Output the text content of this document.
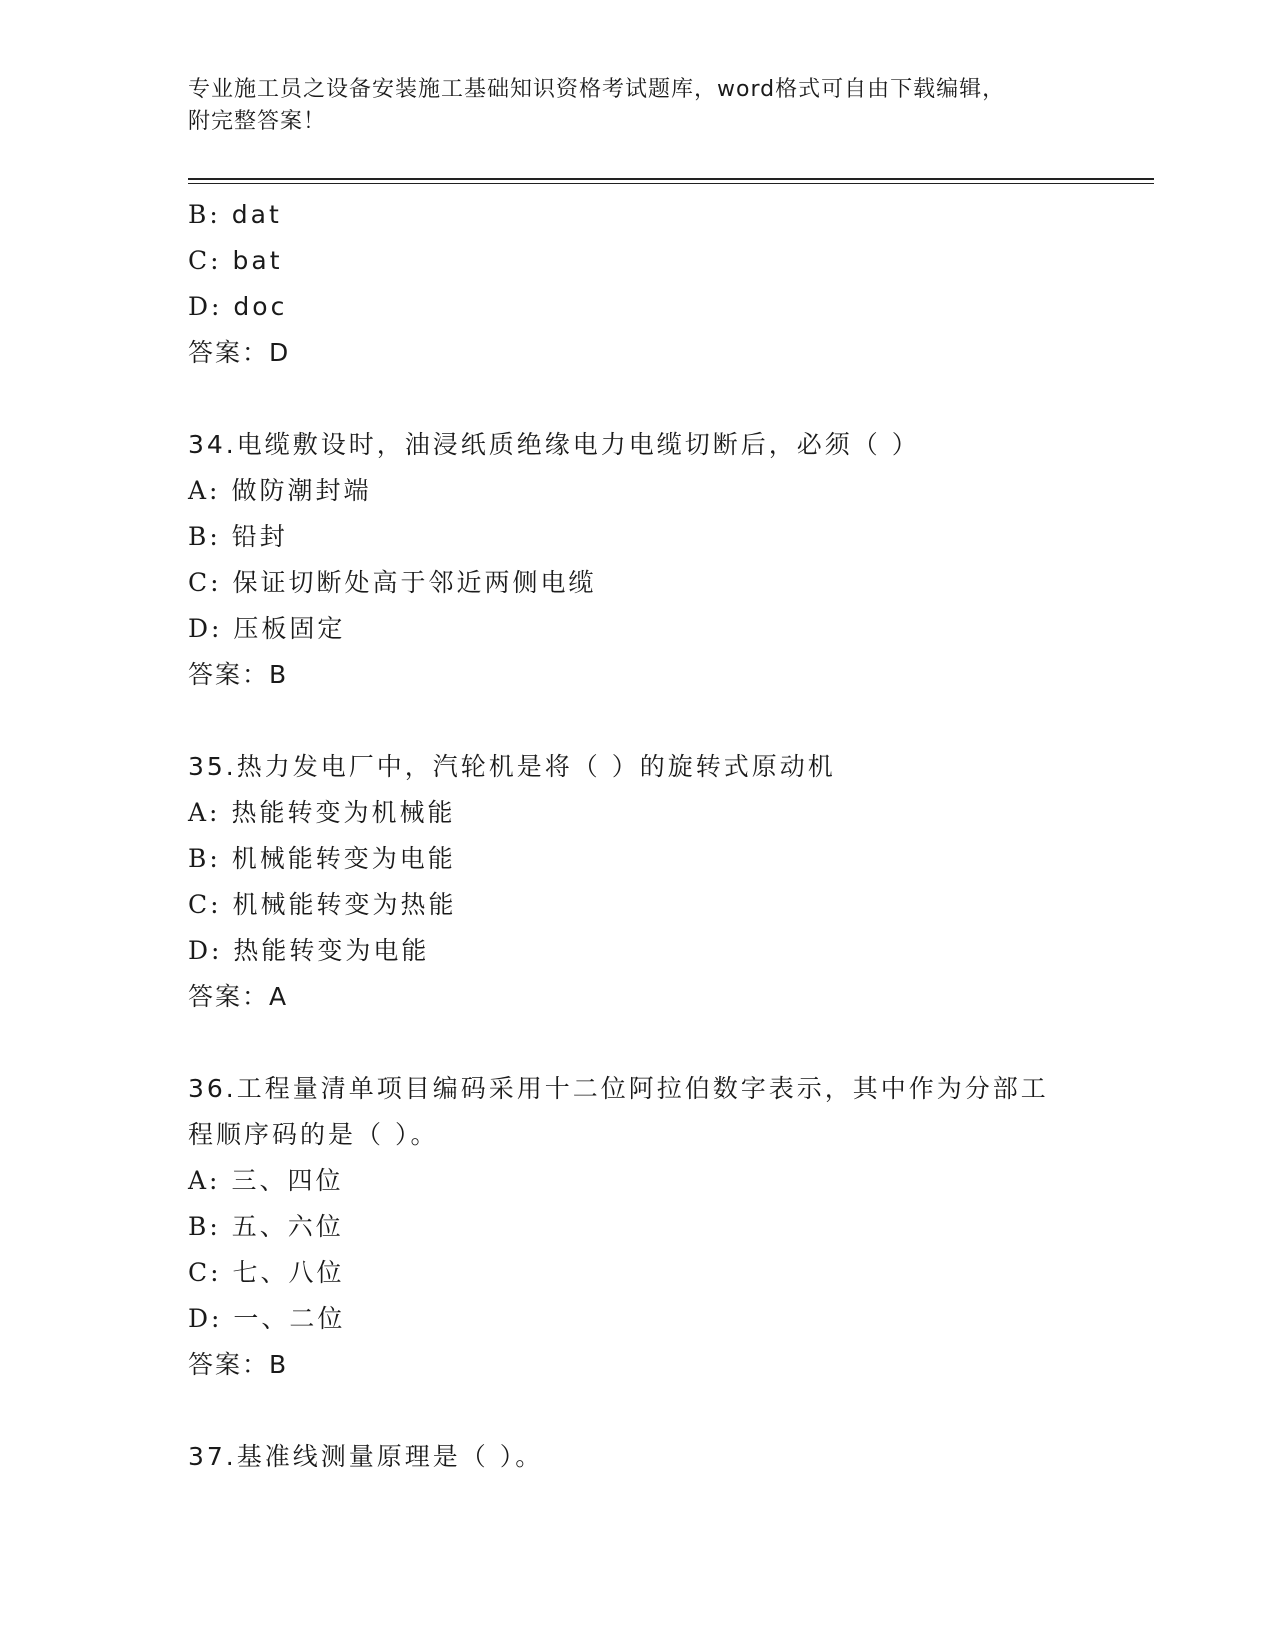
专业施工员之设备安装施工基础知识资格考试题库，word格式可自由下载编辑，
附完整答案！
B: dat
C: bat
D: doc
答案：D
34.电缆敷设时，油浸纸质绝缘电力电缆切断后，必须（ ）
A: 做防潮封端
B: 铅封
C: 保证切断处高于邻近两侧电缆
D: 压板固定
答案：B
35.热力发电厂中，汽轮机是将（ ）的旋转式原动机
A: 热能转变为机械能
B: 机械能转变为电能
C: 机械能转变为热能
D: 热能转变为电能
答案：A
36.工程量清单项目编码采用十二位阿拉伯数字表示，其中作为分部工
程顺序码的是（ ）。
A: 三、四位
B: 五、六位
C: 七、八位
D: 一、二位
答案：B
37.基准线测量原理是（ ）。
